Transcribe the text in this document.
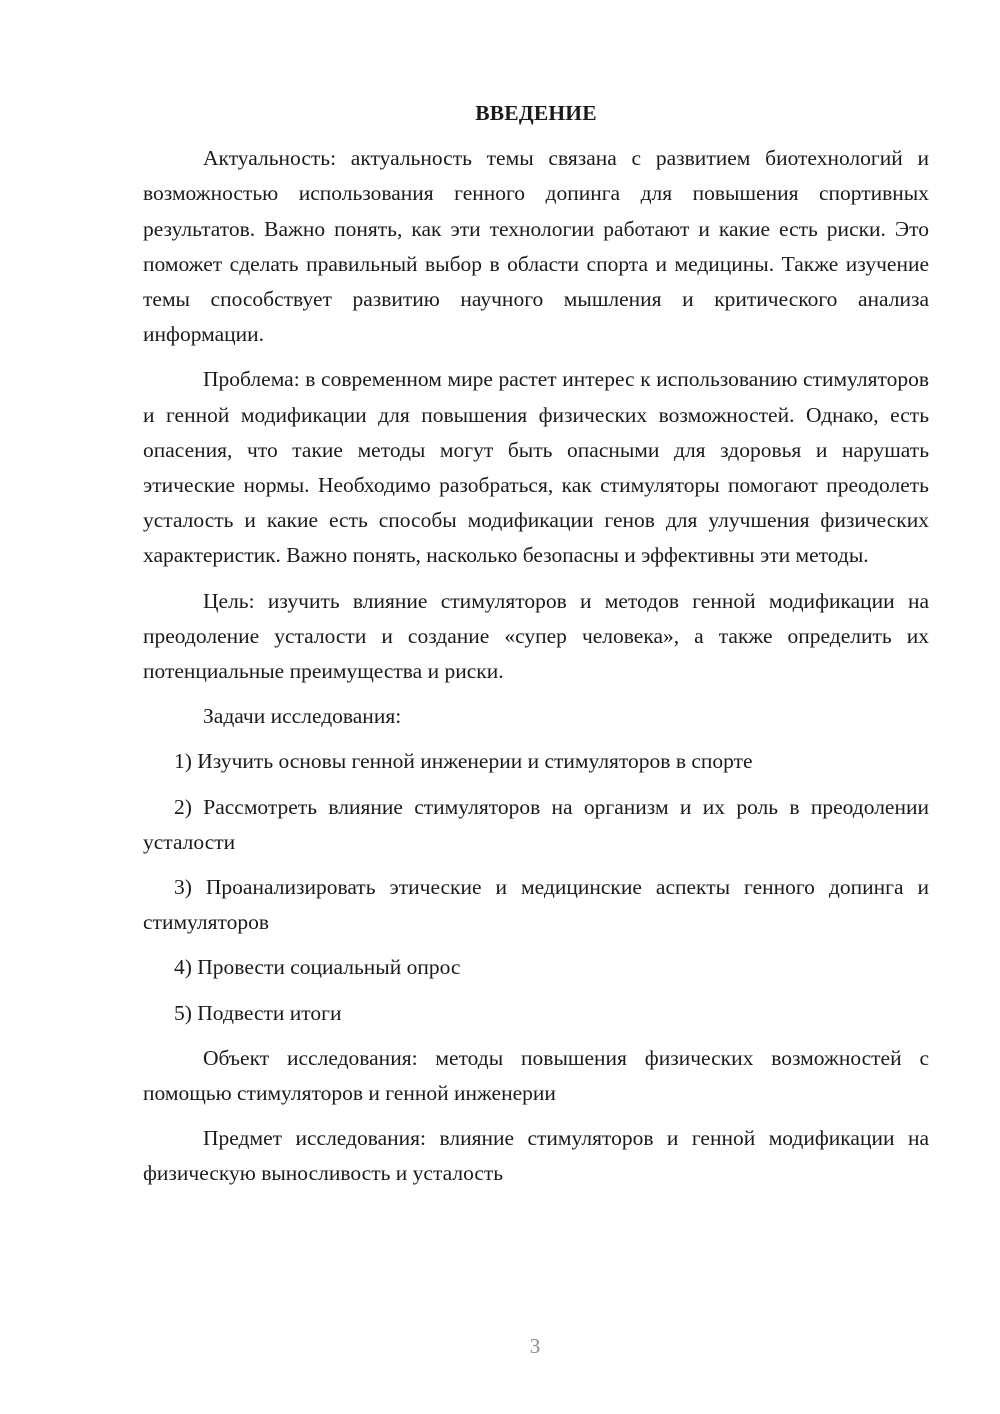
ВВЕДЕНИЕ
Актуальность: актуальность темы связана с развитием биотехнологий и возможностью использования генного допинга для повышения спортивных результатов. Важно понять, как эти технологии работают и какие есть риски. Это поможет сделать правильный выбор в области спорта и медицины. Также изучение темы способствует развитию научного мышления и критического анализа информации.
Проблема: в современном мире растет интерес к использованию стимуляторов и генной модификации для повышения физических возможностей. Однако, есть опасения, что такие методы могут быть опасными для здоровья и нарушать этические нормы. Необходимо разобраться, как стимуляторы помогают преодолеть усталость и какие есть способы модификации генов для улучшения физических характеристик. Важно понять, насколько безопасны и эффективны эти методы.
Цель: изучить влияние стимуляторов и методов генной модификации на преодоление усталости и создание «супер человека», а также определить их потенциальные преимущества и риски.
Задачи исследования:
1) Изучить основы генной инженерии и стимуляторов в спорте
2) Рассмотреть влияние стимуляторов на организм и их роль в преодолении усталости
3) Проанализировать этические и медицинские аспекты генного допинга и стимуляторов
4) Провести социальный опрос
5) Подвести итоги
Объект исследования: методы повышения физических возможностей с помощью стимуляторов и генной инженерии
Предмет исследования: влияние стимуляторов и генной модификации на физическую выносливость и усталость
3
